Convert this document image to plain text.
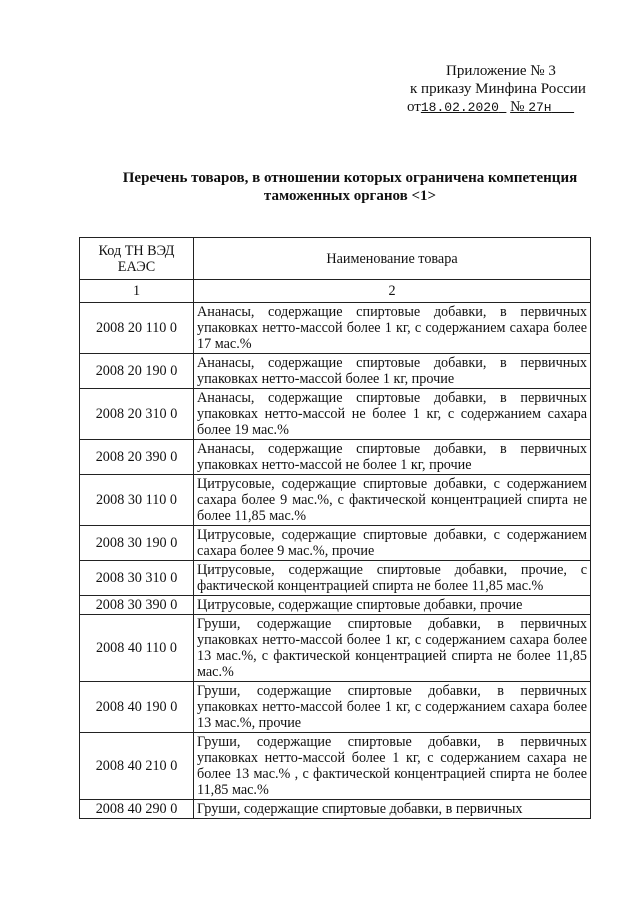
Приложение № 3
к приказу Минфина России
от18.02.2020 № 27н
Перечень товаров, в отношении которых ограничена компетенция
таможенных органов <1>
Код ТН ВЭД ЕАЭС	Наименование товара
1	2
2008 20 110 0	Ананасы, содержащие спиртовые добавки, в первичных упаковках нетто-массой более 1 кг, с содержанием сахара более 17 мас.%
2008 20 190 0	Ананасы, содержащие спиртовые добавки, в первичных упаковках нетто-массой более 1 кг, прочие
2008 20 310 0	Ананасы, содержащие спиртовые добавки, в первичных упаковках нетто-массой не более 1 кг, с содержанием сахара более 19 мас.%
2008 20 390 0	Ананасы, содержащие спиртовые добавки, в первичных упаковках нетто-массой не более 1 кг, прочие
2008 30 110 0	Цитрусовые, содержащие спиртовые добавки, с содержанием сахара более 9 мас.%, с фактической концентрацией спирта не более 11,85 мас.%
2008 30 190 0	Цитрусовые, содержащие спиртовые добавки, с содержанием сахара более 9 мас.%, прочие
2008 30 310 0	Цитрусовые, содержащие спиртовые добавки, прочие, с фактической концентрацией спирта не более 11,85 мас.%
2008 30 390 0	Цитрусовые, содержащие спиртовые добавки, прочие
2008 40 110 0	Груши, содержащие спиртовые добавки, в первичных упаковках нетто-массой более 1 кг, с содержанием сахара более 13 мас.%, с фактической концентрацией спирта не более 11,85 мас.%
2008 40 190 0	Груши, содержащие спиртовые добавки, в первичных упаковках нетто-массой более 1 кг, с содержанием сахара более 13 мас.%, прочие
2008 40 210 0	Груши, содержащие спиртовые добавки, в первичных упаковках нетто-массой более 1 кг, с содержанием сахара не более 13 мас.% , с фактической концентрацией спирта не более 11,85 мас.%
2008 40 290 0	Груши, содержащие спиртовые добавки, в первичных
